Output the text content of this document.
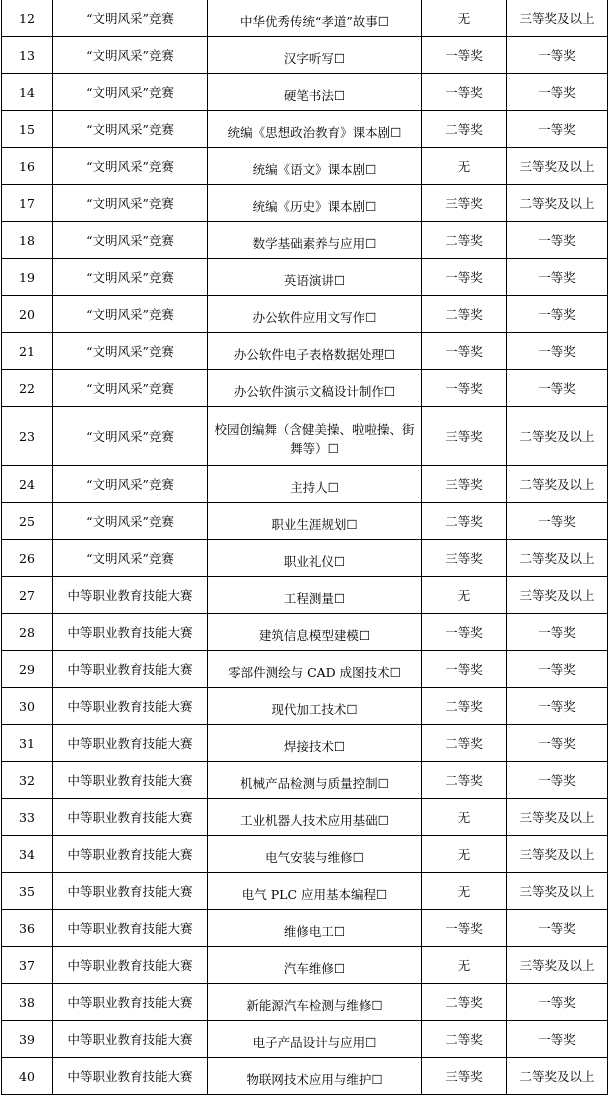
12	“文明风采”竞赛	中华优秀传统“孝道”故事☐	无	三等奖及以上
13	“文明风采”竞赛	汉字听写☐	一等奖	一等奖
14	“文明风采”竞赛	硬笔书法☐	一等奖	一等奖
15	“文明风采”竞赛	统编《思想政治教育》课本剧☐	二等奖	一等奖
16	“文明风采”竞赛	统编《语文》课本剧☐	无	三等奖及以上
17	“文明风采”竞赛	统编《历史》课本剧☐	三等奖	二等奖及以上
18	“文明风采”竞赛	数学基础素养与应用☐	二等奖	一等奖
19	“文明风采”竞赛	英语演讲☐	一等奖	一等奖
20	“文明风采”竞赛	办公软件应用文写作☐	二等奖	一等奖
21	“文明风采”竞赛	办公软件电子表格数据处理☐	一等奖	一等奖
22	“文明风采”竞赛	办公软件演示文稿设计制作☐	一等奖	一等奖
23	“文明风采”竞赛	校园创编舞（含健美操、啦啦操、街舞等）☐	三等奖	二等奖及以上
24	“文明风采”竞赛	主持人☐	三等奖	二等奖及以上
25	“文明风采”竞赛	职业生涯规划☐	二等奖	一等奖
26	“文明风采”竞赛	职业礼仪☐	三等奖	二等奖及以上
27	中等职业教育技能大赛	工程测量☐	无	三等奖及以上
28	中等职业教育技能大赛	建筑信息模型建模☐	一等奖	一等奖
29	中等职业教育技能大赛	零部件测绘与 CAD 成图技术☐	一等奖	一等奖
30	中等职业教育技能大赛	现代加工技术☐	二等奖	一等奖
31	中等职业教育技能大赛	焊接技术☐	二等奖	一等奖
32	中等职业教育技能大赛	机械产品检测与质量控制☐	二等奖	一等奖
33	中等职业教育技能大赛	工业机器人技术应用基础☐	无	三等奖及以上
34	中等职业教育技能大赛	电气安装与维修☐	无	三等奖及以上
35	中等职业教育技能大赛	电气 PLC 应用基本编程☐	无	三等奖及以上
36	中等职业教育技能大赛	维修电工☐	一等奖	一等奖
37	中等职业教育技能大赛	汽车维修☐	无	三等奖及以上
38	中等职业教育技能大赛	新能源汽车检测与维修☐	二等奖	一等奖
39	中等职业教育技能大赛	电子产品设计与应用☐	二等奖	一等奖
40	中等职业教育技能大赛	物联网技术应用与维护☐	三等奖	二等奖及以上
